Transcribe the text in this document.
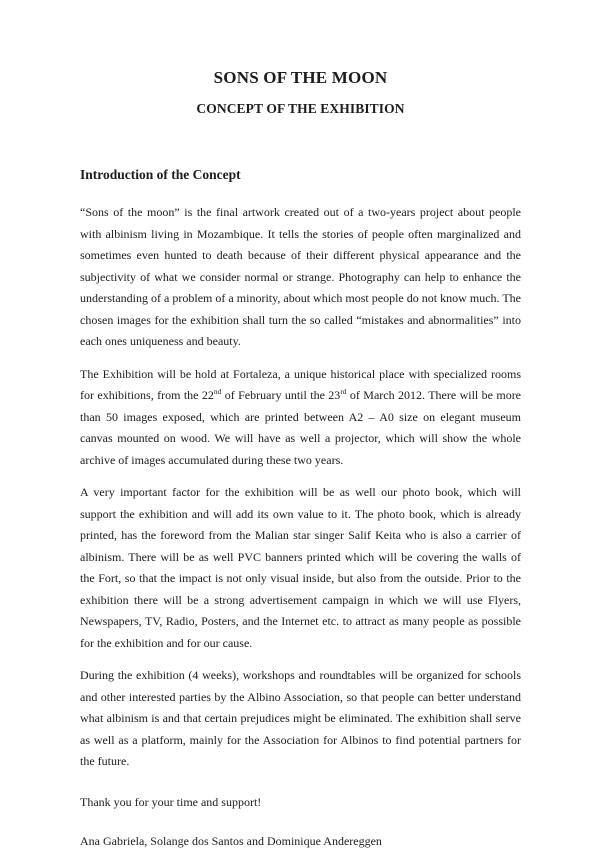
SONS OF THE MOON
CONCEPT OF THE EXHIBITION
Introduction of the Concept

“Sons of the moon” is the final artwork created out of a two-years project about people with albinism living in Mozambique. It tells the stories of people often marginalized and sometimes even hunted to death because of their different physical appearance and the subjectivity of what we consider normal or strange. Photography can help to enhance the understanding of a problem of a minority, about which most people do not know much. The chosen images for the exhibition shall turn the so called “mistakes and abnormalities” into each ones uniqueness and beauty.

The Exhibition will be hold at Fortaleza, a unique historical place with specialized rooms for exhibitions, from the 22nd of February until the 23rd of March 2012. There will be more than 50 images exposed, which are printed between A2 – A0 size on elegant museum canvas mounted on wood. We will have as well a projector, which will show the whole archive of images accumulated during these two years.

A very important factor for the exhibition will be as well our photo book, which will support the exhibition and will add its own value to it. The photo book, which is already printed, has the foreword from the Malian star singer Salif Keita who is also a carrier of albinism. There will be as well PVC banners printed which will be covering the walls of the Fort, so that the impact is not only visual inside, but also from the outside. Prior to the exhibition there will be a strong advertisement campaign in which we will use Flyers, Newspapers, TV, Radio, Posters, and the Internet etc. to attract as many people as possible for the exhibition and for our cause.

During the exhibition (4 weeks), workshops and roundtables will be organized for schools and other interested parties by the Albino Association, so that people can better understand what albinism is and that certain prejudices might be eliminated. The exhibition shall serve as well as a platform, mainly for the Association for Albinos to find potential partners for the future.

Thank you for your time and support!

Ana Gabriela, Solange dos Santos and Dominique Andereggen
